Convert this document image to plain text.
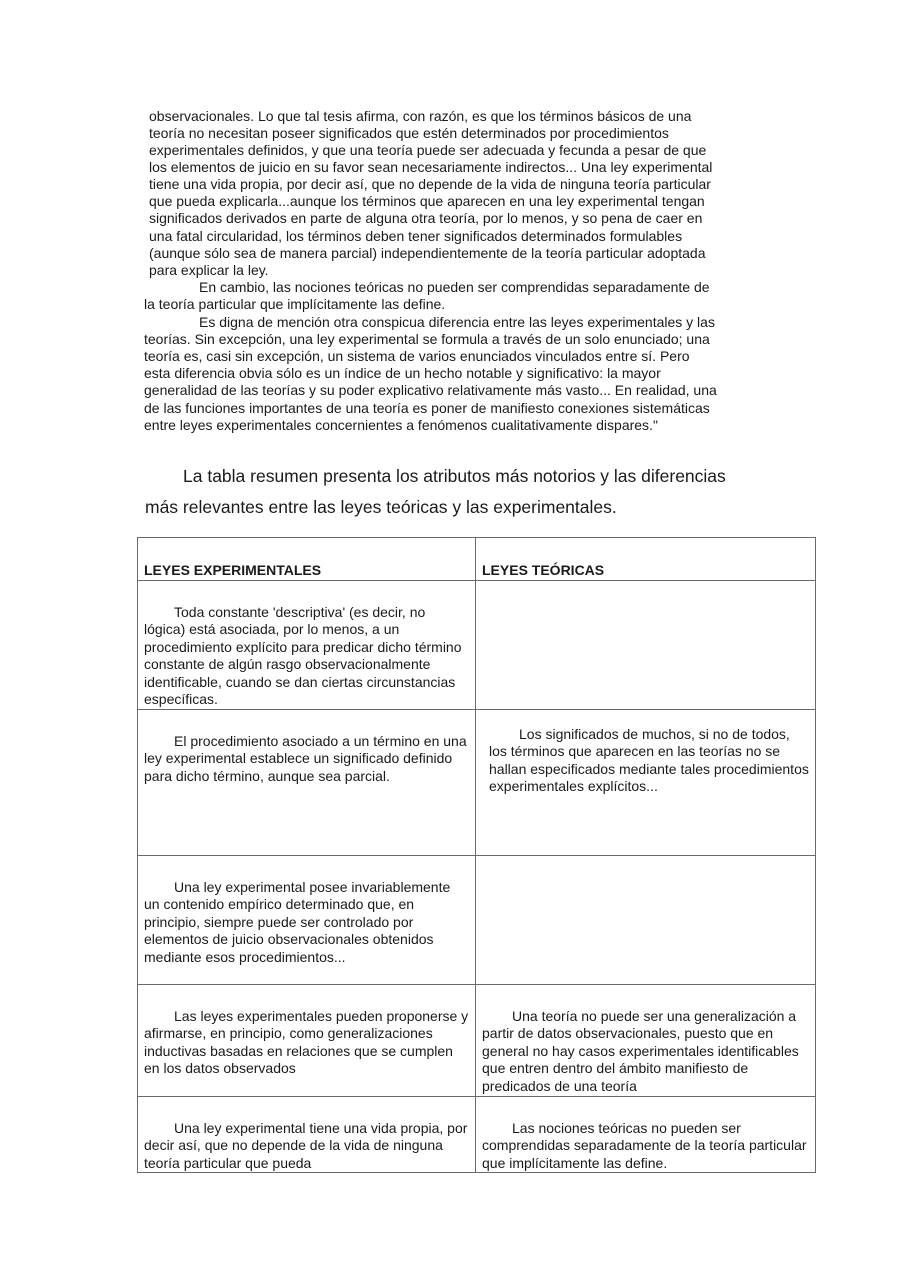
observacionales. Lo que tal tesis afirma, con razón, es que los términos básicos de una
teoría no necesitan poseer significados que estén determinados por procedimientos
experimentales definidos, y que una teoría puede ser adecuada y fecunda a pesar de que
los elementos de juicio en su favor sean necesariamente indirectos... Una ley experimental
tiene una vida propia, por decir así, que no depende de la vida de ninguna teoría particular
que pueda explicarla...aunque los términos que aparecen en una ley experimental tengan
significados derivados en parte de alguna otra teoría, por lo menos, y so pena de caer en
una fatal circularidad, los términos deben tener significados determinados formulables
(aunque sólo sea de manera parcial) independientemente de la teoría particular adoptada
para explicar la ley.
En cambio, las nociones teóricas no pueden ser comprendidas separadamente de
la teoría particular que implícitamente las define.
Es digna de mención otra conspicua diferencia entre las leyes experimentales y las
teorías. Sin excepción, una ley experimental se formula a través de un solo enunciado; una
teoría es, casi sin excepción, un sistema de varios enunciados vinculados entre sí. Pero
esta diferencia obvia sólo es un índice de un hecho notable y significativo: la mayor
generalidad de las teorías y su poder explicativo relativamente más vasto... En realidad, una
de las funciones importantes de una teoría es poner de manifiesto conexiones sistemáticas
entre leyes experimentales concernientes a fenómenos cualitativamente dispares."
La tabla resumen presenta los atributos más notorios y las diferencias
más relevantes entre las leyes teóricas y las experimentales.
LEYES EXPERIMENTALES	LEYES TEÓRICAS

Toda constante 'descriptiva' (es decir, no lógica) está asociada, por lo menos, a un procedimiento explícito para predicar dicho término constante de algún rasgo observacionalmente identificable, cuando se dan ciertas circunstancias específicas.	

El procedimiento asociado a un término en una ley experimental establece un significado definido para dicho término, aunque sea parcial.	Los significados de muchos, si no de todos, los términos que aparecen en las teorías no se hallan especificados mediante tales procedimientos experimentales explícitos...

Una ley experimental posee invariablemente un contenido empírico determinado que, en principio, siempre puede ser controlado por elementos de juicio observacionales obtenidos mediante esos procedimientos...	

Las leyes experimentales pueden proponerse y afirmarse, en principio, como generalizaciones inductivas basadas en relaciones que se cumplen en los datos observados	Una teoría no puede ser una generalización a partir de datos observacionales, puesto que en general no hay casos experimentales identificables que entren dentro del ámbito manifiesto de predicados de una teoría

Una ley experimental tiene una vida propia, por decir así, que no depende de la vida de ninguna teoría particular que pueda	Las nociones teóricas no pueden ser comprendidas separadamente de la teoría particular que implícitamente las define.
